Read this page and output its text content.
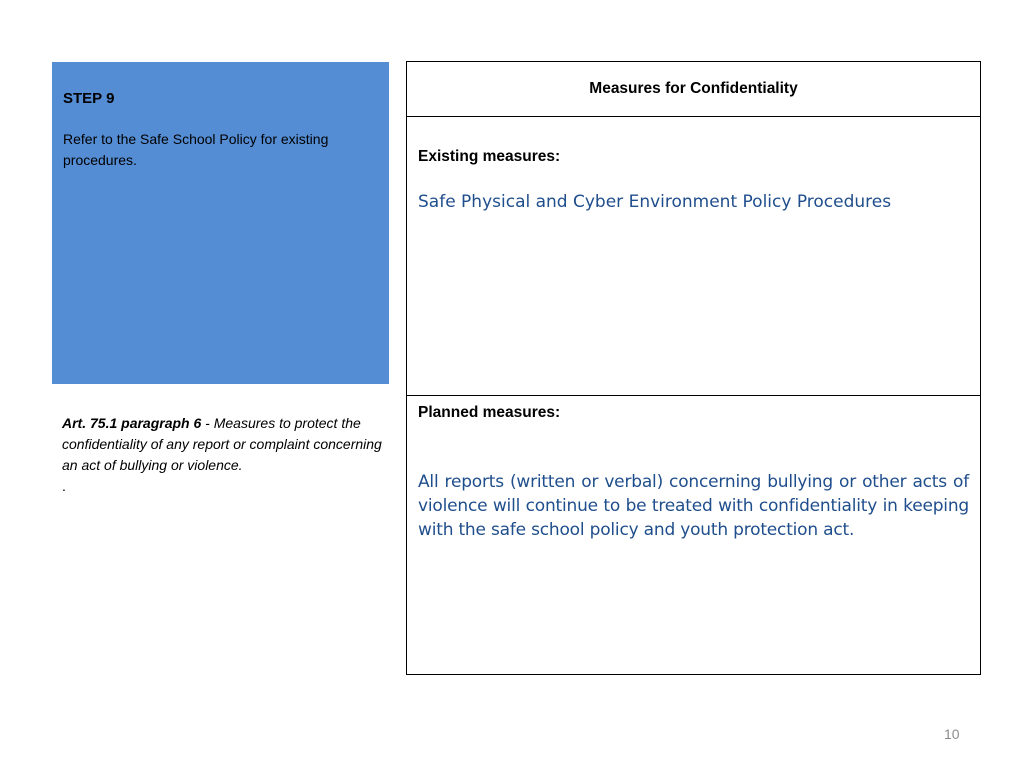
STEP 9
Refer to the Safe School Policy for existing procedures.
Art. 75.1 paragraph 6 - Measures to protect the confidentiality of any report or complaint concerning an act of bullying or violence.
.
Measures for Confidentiality
Existing measures:
Safe Physical and Cyber Environment Policy Procedures
Planned measures:
All reports (written or verbal) concerning bullying or other acts of violence will continue to be treated with confidentiality in keeping with the safe school policy and youth protection act.
10
